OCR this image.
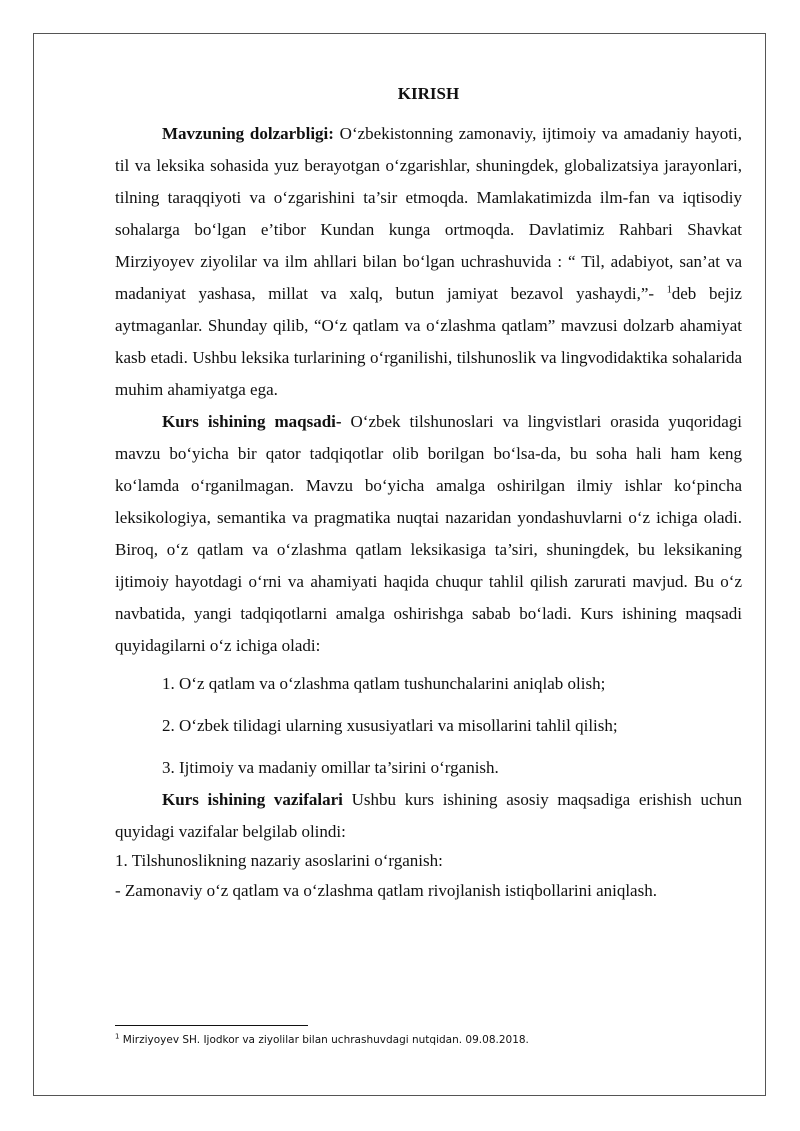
KIRISH

Mavzuning dolzarbligi: O‘zbekistonning zamonaviy, ijtimoiy va amadaniy hayoti, til va leksika sohasida yuz berayotgan o‘zgarishlar, shuningdek, globalizatsiya jarayonlari, tilning taraqqiyoti va o‘zgarishini ta’sir etmoqda. Mamlakatimizda ilm-fan va iqtisodiy sohalarga bo‘lgan e’tibor Kundan kunga ortmoqda. Davlatimiz Rahbari Shavkat Mirziyoyev ziyolilar va ilm ahllari bilan bo‘lgan uchrashuvida : “ Til, adabiyot, san’at va madaniyat yashasa, millat va xalq, butun jamiyat bezavol yashaydi,”- $^1$deb bejiz aytmaganlar. Shunday qilib, “O‘z qatlam va o‘zlashma qatlam” mavzusi dolzarb ahamiyat kasb etadi. Ushbu leksika turlarining o‘rganilishi, tilshunoslik va lingvodidaktika sohalarida muhim ahamiyatga ega.

Kurs ishining maqsadi- O‘zbek tilshunoslari va lingvistlari orasida yuqoridagi mavzu bo‘yicha bir qator tadqiqotlar olib borilgan bo‘lsa-da, bu soha hali ham keng ko‘lamda o‘rganilmagan. Mavzu bo‘yicha amalga oshirilgan ilmiy ishlar ko‘pincha leksikologiya, semantika va pragmatika nuqtai nazaridan yondashuvlarni o‘z ichiga oladi. Biroq, o‘z qatlam va o‘zlashma qatlam leksikasiga ta’siri, shuningdek, bu leksikaning ijtimoiy hayotdagi o‘rni va ahamiyati haqida chuqur tahlil qilish zarurati mavjud. Bu o‘z navbatida, yangi tadqiqotlarni amalga oshirishga sabab bo‘ladi. Kurs ishining maqsadi quyidagilarni o‘z ichiga oladi:

1. O‘z qatlam va o‘zlashma qatlam tushunchalarini aniqlab olish;
2. O‘zbek tilidagi ularning xususiyatlari va misollarini tahlil qilish;
3. Ijtimoiy va madaniy omillar ta’sirini o‘rganish.

Kurs ishining vazifalari Ushbu kurs ishining asosiy maqsadiga erishish uchun quyidagi vazifalar belgilab olindi:

1. Tilshunoslikning nazariy asoslarini o‘rganish:

- Zamonaviy o‘z qatlam va o‘zlashma qatlam rivojlanish istiqbollarini aniqlash.

$^1$ Mirziyoyev SH. Ijodkor va ziyolilar bilan uchrashuvdagi nutqidan. 09.08.2018.
